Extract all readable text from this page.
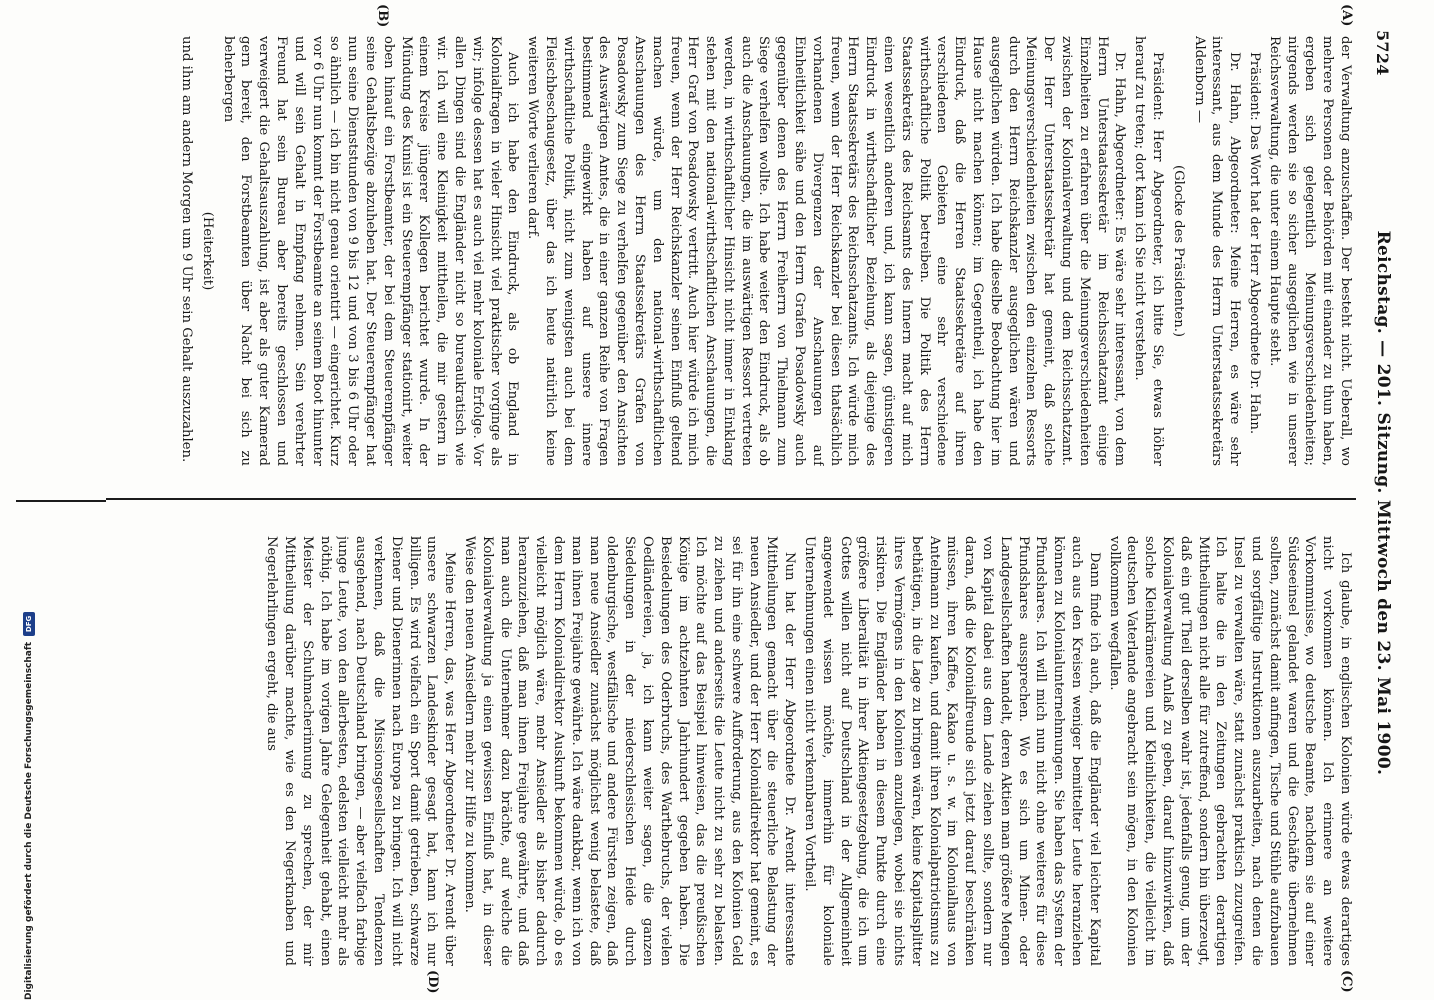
5724
Reichstag. — 201. Sitzung. Mittwoch den 23. Mai 1900.
(A)
(B)
(C)
(D)

der Verwaltung anzuschaffen. Der besteht nicht. Ueberall, wo mehrere Personen oder Behörden mit einander zu thun haben, ergeben sich gelegentlich Meinungsverschiedenheiten; nirgends werden sie so sicher ausgeglichen wie in unserer Reichsverwaltung, die unter einem Haupte steht.

Präsident: Das Wort hat der Herr Abgeordnete Dr. Hahn.

Dr. Hahn, Abgeordneter: Meine Herren, es wäre sehr interessant, aus dem Munde des Herrn Unterstaatssekretärs Aldenborn —

(Glocke des Präsidenten.)

Präsident: Herr Abgeordneter, ich bitte Sie, etwas höher herauf zu treten; dort kann ich Sie nicht verstehen.

Dr. Hahn, Abgeordneter: Es wäre sehr interessant, von dem Herrn Unterstaatssekretär im Reichsschatzamt einige Einzelheiten zu erfahren über die Meinungsverschiedenheiten zwischen der Kolonialverwaltung und dem Reichsschatzamt. Der Herr Unterstaatssekretär hat gemeint, daß solche Meinungsverschiedenheiten zwischen den einzelnen Ressorts durch den Herrn Reichskanzler ausgeglichen wären und ausgeglichen würden. Ich habe dieselbe Beobachtung hier im Hause nicht machen können; im Gegentheil, ich habe den Eindruck, daß die Herren Staatssekretäre auf ihren verschiedenen Gebieten eine sehr verschiedene wirthschaftliche Politik betreiben. Die Politik des Herrn Staatssekretärs des Reichsamts des Innern macht auf mich einen wesentlich anderen und, ich kann sagen, günstigeren Eindruck in wirthschaftlicher Beziehung, als diejenige des Herrn Staatssekretärs des Reichsschatzamts. Ich würde mich freuen, wenn der Herr Reichskanzler bei diesen thatsächlich vorhandenen Divergenzen der Anschauungen auf Einheitlichkeit sähe und den Herrn Grafen Posadowsky auch gegenüber denen des Herrn Freiherrn von Thielmann zum Siege verhelfen wollte. Ich habe weiter den Eindruck, als ob auch die Anschauungen, die im auswärtigen Ressort vertreten werden, in wirthschaftlicher Hinsicht nicht immer in Einklang stehen mit den national-wirthschaftlichen Anschauungen, die Herr Graf von Posadowsky vertritt. Auch hier würde ich mich freuen, wenn der Herr Reichskanzler seinen Einfluß geltend machen würde, um den national-wirthschaftlichen Anschauungen des Herrn Staatssekretärs Grafen von Posadowsky zum Siege zu verhelfen gegenüber den Ansichten des Auswärtigen Amtes, die in einer ganzen Reihe von Fragen bestimmend eingewirkt haben auf unsere innere wirthschaftliche Politik, nicht zum wenigsten auch bei dem Fleischbeschaugesetz, über das ich heute natürlich keine weiteren Worte verlieren darf.

Auch ich habe den Eindruck, als ob England in Kolonialfragen in vieler Hinsicht viel praktischer vorginge als wir; infolge dessen hat es auch viel mehr koloniale Erfolge. Vor allen Dingen sind die Engländer nicht so bureaukratisch wie wir. Ich will eine Kleinigkeit mittheilen, die mir gestern in einem Kreise jüngerer Kollegen berichtet wurde. In der Mündung des Kunisi ist ein Steuerempfänger stationirt, weiter oben hinauf ein Forstbeamter, der bei dem Steuerempfänger seine Gehaltsbezüge abzuheben hat. Der Steuerempfänger hat nun seine Dienststunden von 9 bis 12 und von 3 bis 6 Uhr oder so ähnlich — ich bin nicht genau orientirt — eingerichtet. Kurz vor 6 Uhr nun kommt der Forstbeamte an seinem Boot hinunter und will sein Gehalt in Empfang nehmen. Sein verehrter Freund hat sein Bureau aber bereits geschlossen und verweigert die Gehaltsauszahlung, ist aber als guter Kamerad gern bereit, den Forstbeamten über Nacht bei sich zu beherbergen

(Heiterkeit)

und ihm am andern Morgen um 9 Uhr sein Gehalt auszuzahlen.

Ich glaube, in englischen Kolonien würde etwas derartiges nicht vorkommen können. Ich erinnere an weitere Vorkommnisse, wo deutsche Beamte, nachdem sie auf einer Südseeinsel gelandet waren und die Geschäfte übernehmen sollten, zunächst damit anfingen, Tische und Stühle aufzubauen und sorgfältige Instruktionen auszuarbeiten, nach denen die Insel zu verwalten wäre, statt zunächst praktisch zuzugreifen. Ich halte die in den Zeitungen gebrachten derartigen Mittheilungen nicht alle für zutreffend, sondern bin überzeugt, daß ein gut Theil derselben wahr ist, jedenfalls genug, um der Kolonialverwaltung Anlaß zu geben, darauf hinzuwirken, daß solche Kleinkrämereien und Kleinlichkeiten, die vielleicht im deutschen Vaterlande angebracht sein mögen, in den Kolonien vollkommen wegfallen.

Dann finde ich auch, daß die Engländer viel leichter Kapital auch aus den Kreisen weniger bemittelter Leute heranziehen können zu Kolonialunternehmungen. Sie haben das System der Pfundshares. Ich will mich nun nicht ohne weiteres für diese Pfundshares aussprechen. Wo es sich um Minen- oder Landgesellschaften handelt, deren Aktien man größere Mengen von Kapital dabei aus dem Lande ziehen sollte, sondern nur daran, daß die Kolonialfreunde sich jetzt darauf beschränken müssen, ihren Kaffee, Kakao u. s. w. im Kolonialhaus von Antelmann zu kaufen, und damit ihren Kolonialpatriotismus zu bethätigen, in die Lage zu bringen wären, kleine Kapitalsplitter ihres Vermögens in den Kolonien anzulegen, wobei sie nichts riskiren. Die Engländer haben in diesem Punkte durch eine größere Liberalität in ihrer Aktiengesetzgebung, die ich um Gottes willen nicht auf Deutschland in der Allgemeinheit angewendet wissen möchte, immerhin für koloniale Unternehmungen einen nicht verkennbaren Vortheil.

Nun hat der Herr Abgeordnete Dr. Arendt interessante Mittheilungen gemacht über die steuerliche Belastung der neuen Ansiedler, und der Herr Kolonialdirektor hat gemeint, es sei für ihn eine schwere Aufforderung, aus den Kolonien Geld zu ziehen und anderseits die Leute nicht zu sehr zu belasten. Ich möchte auf das Beispiel hinweisen, das die preußischen Könige im achtzehnten Jahrhundert gegeben haben. Die Besiedelungen des Oderbruchs, des Warthebruchs, der vielen Oedländereien, ja, ich kann weiter sagen, die ganzen Siedelungen in der niederschlesischen Heide durch oldenburgische, westfälische und andere Fürsten zeigen, daß man neue Ansiedler zunächst möglichst wenig belastete, daß man ihnen Freijahre gewährte. Ich wäre dankbar, wenn ich von dem Herrn Kolonialdirektor Auskunft bekommen würde, ob es vielleicht möglich wäre, mehr Ansiedler als bisher dadurch heranzuziehen, daß man ihnen Freijahre gewährte, und daß man auch die Unternehmer dazu brächte, auf welche die Kolonialverwaltung ja einen gewissen Einfluß hat, in dieser Weise den neuen Ansiedlern mehr zur Hilfe zu kommen.

Meine Herren, das, was Herr Abgeordneter Dr. Arendt über unsere schwarzen Landeskinder gesagt hat, kann ich nur billigen. Es wird vielfach ein Sport damit getrieben, schwarze Diener und Dienerinnen nach Europa zu bringen. Ich will nicht verkennen, daß die Missionsgesellschaften Tendenzen ausgehend, nach Deutschland bringen, — aber vielfach farbige junge Leute, von den allerbesten, edelsten vielleicht mehr als nöthig. Ich habe im vorigen Jahre Gelegenheit gehabt, einen Meister der Schuhmacherinnung zu sprechen, der mir Mittheilung darüber machte, wie es den Negerknaben und Negerlehrlingen ergeht, die aus

Digitalisierung gefördert durch die Deutsche Forschungsgemeinschaft
DFG
